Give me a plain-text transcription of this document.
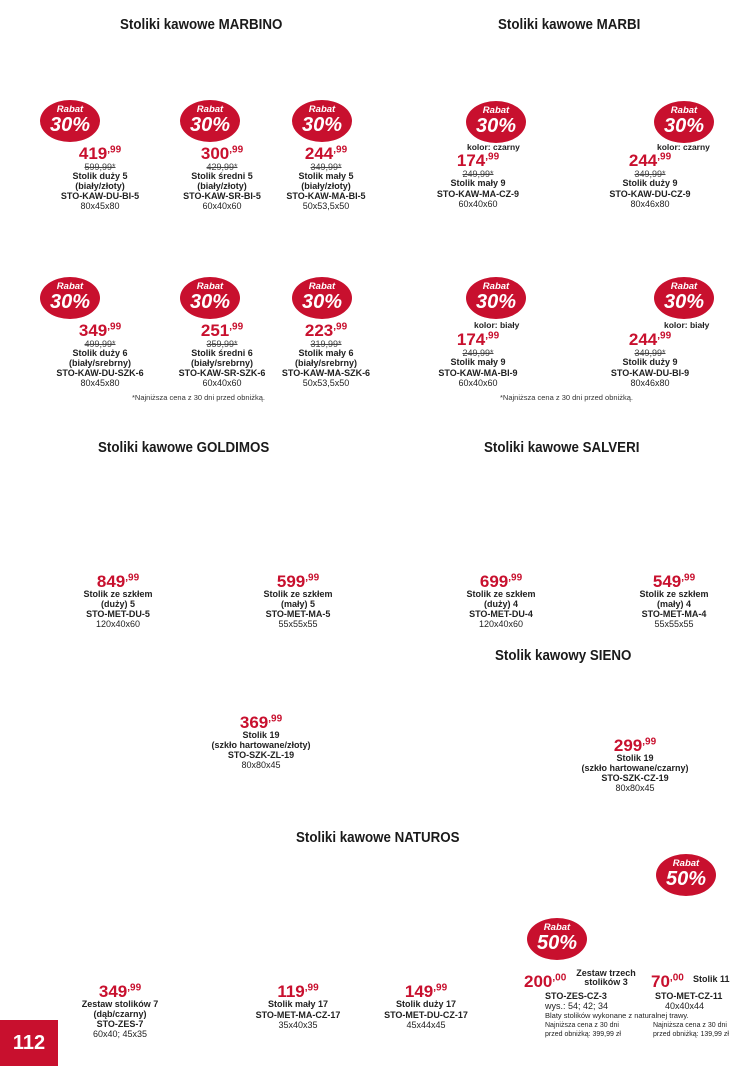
Stoliki kawowe MARBINO	Stoliki kawowe MARBI
Stoliki kawowe GOLDIMOS	Stoliki kawowe SALVERI
Stolik kawowy SIENO
Stoliki kawowe NATUROS
Rabat
30%
Rabat
30%
Rabat
30%
Rabat
30%
Rabat
30%
Rabat
30%
Rabat
30%
Rabat
30%
Rabat
30%
Rabat
30%
Rabat
50%
Rabat
50%
$419^{,99}$
599,99*
Stolik duży 5
(biały/złoty)
STO-KAW-DU-BI-5
80x45x80
$300^{,99}$
429,99*
Stolik średni 5
(biały/złoty)
STO-KAW-SR-BI-5
60x40x60
$244^{,99}$
349,99*
Stolik mały 5
(biały/złoty)
STO-KAW-MA-BI-5
50x53,5x50
$349^{,99}$
499,99*
Stolik duży 6
(biały/srebrny)
STO-KAW-DU-SZK-6
80x45x80
$251^{,99}$
359,99*
Stolik średni 6
(biały/srebrny)
STO-KAW-SR-SZK-6
60x40x60
$223^{,99}$
319,99*
Stolik mały 6
(biały/srebrny)
STO-KAW-MA-SZK-6
50x53,5x50
*Najniższa cena z 30 dni przed obniżką.
kolor: czarny	kolor: czarny
kolor: biały	kolor: biały
$174^{,99}$
249,99*
Stolik mały 9
STO-KAW-MA-CZ-9
60x40x60
$244^{,99}$
349,99*
Stolik duży 9
STO-KAW-DU-CZ-9
80x46x80
$174^{,99}$
249,99*
Stolik mały 9
STO-KAW-MA-BI-9
60x40x60
$244^{,99}$
349,99*
Stolik duży 9
STO-KAW-DU-BI-9
80x46x80
*Najniższa cena z 30 dni przed obniżką.
$849^{,99}$
Stolik ze szkłem
(duży) 5
STO-MET-DU-5
120x40x60
$599^{,99}$
Stolik ze szkłem
(mały) 5
STO-MET-MA-5
55x55x55
$699^{,99}$
Stolik ze szkłem
(duży) 4
STO-MET-DU-4
120x40x60
$549^{,99}$
Stolik ze szkłem
(mały) 4
STO-MET-MA-4
55x55x55
$369^{,99}$
Stolik 19
(szkło hartowane/złoty)
STO-SZK-ZL-19
80x80x45
$299^{,99}$
Stolik 19
(szkło hartowane/czarny)
STO-SZK-CZ-19
80x80x45
$349^{,99}$
Zestaw stolików 7
(dąb/czarny)
STO-ZES-7
60x40; 45x35
$119^{,99}$
Stolik mały 17
STO-MET-MA-CZ-17
35x40x35
$149^{,99}$
Stolik duży 17
STO-MET-DU-CZ-17
45x44x45
$200^{,00}$ Zestaw trzech
stolików 3
STO-ZES-CZ-3
wys.: 54; 42; 34
Blaty stolików wykonane z naturalnej trawy.
Najniższa cena z 30 dni
przed obniżką: 399,99 zł
$70^{,00}$ Stolik 11
STO-MET-CZ-11
40x40x44
Najniższa cena z 30 dni
przed obniżką: 139,99 zł
112
